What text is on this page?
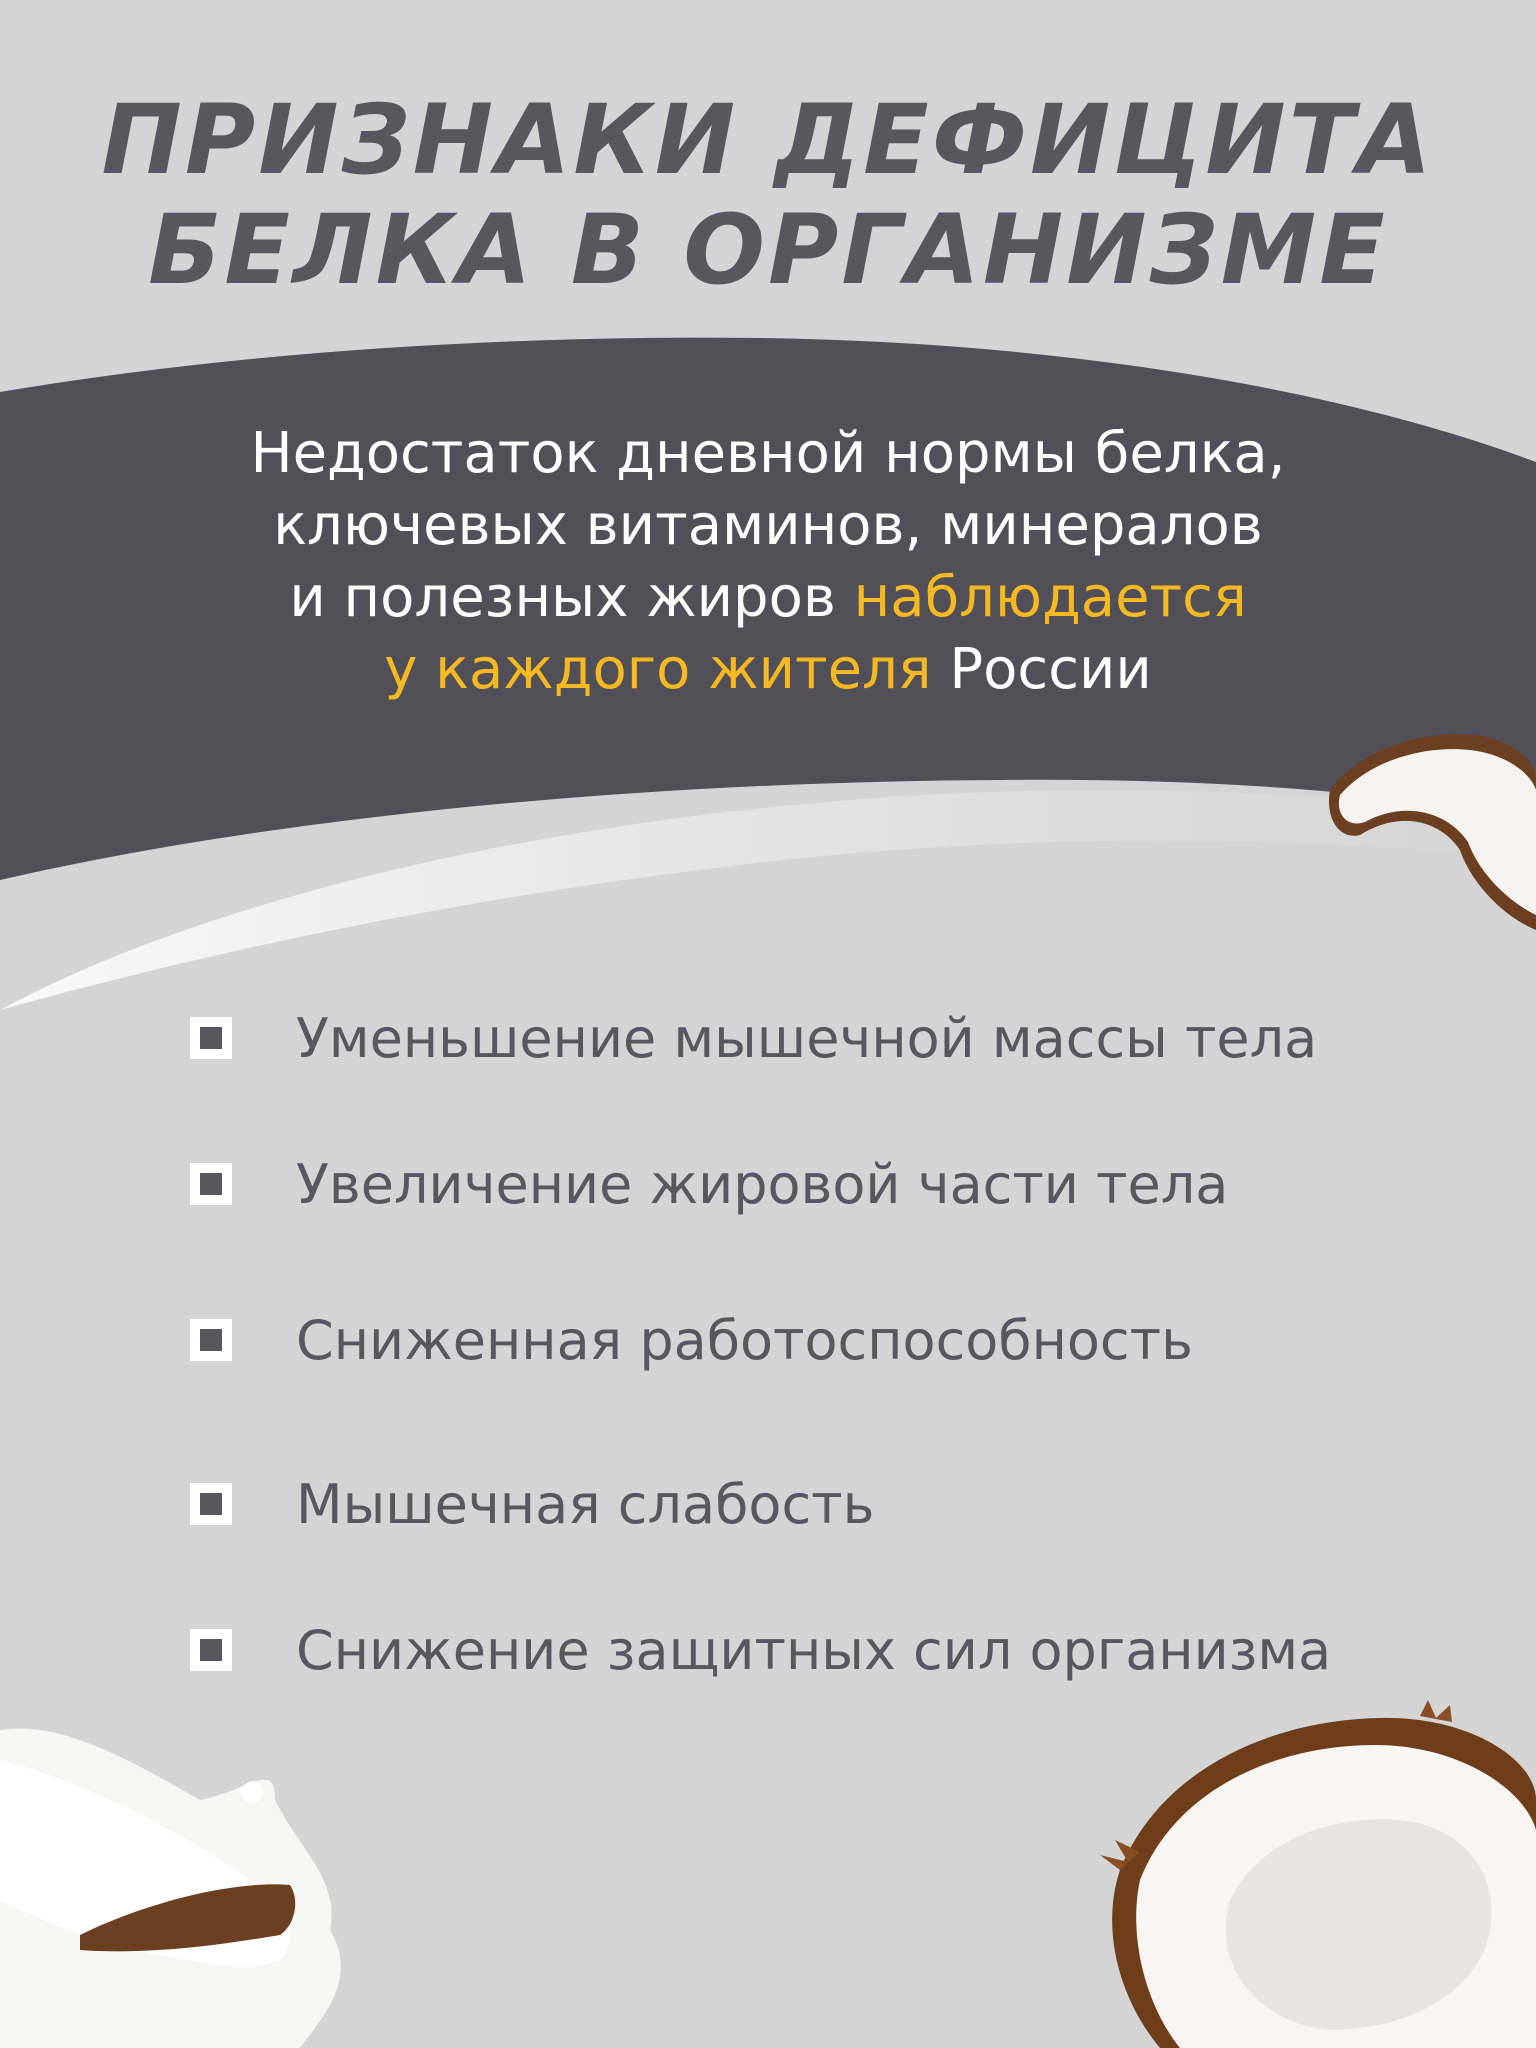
ПРИЗНАКИ ДЕФИЦИТА
БЕЛКА В ОРГАНИЗМЕ
Недостаток дневной нормы белка,
ключевых витаминов, минералов
и полезных жиров наблюдается
у каждого жителя России
Уменьшение мышечной массы тела
Увеличение жировой части тела
Сниженная работоспособность
Мышечная слабость
Снижение защитных сил организма
